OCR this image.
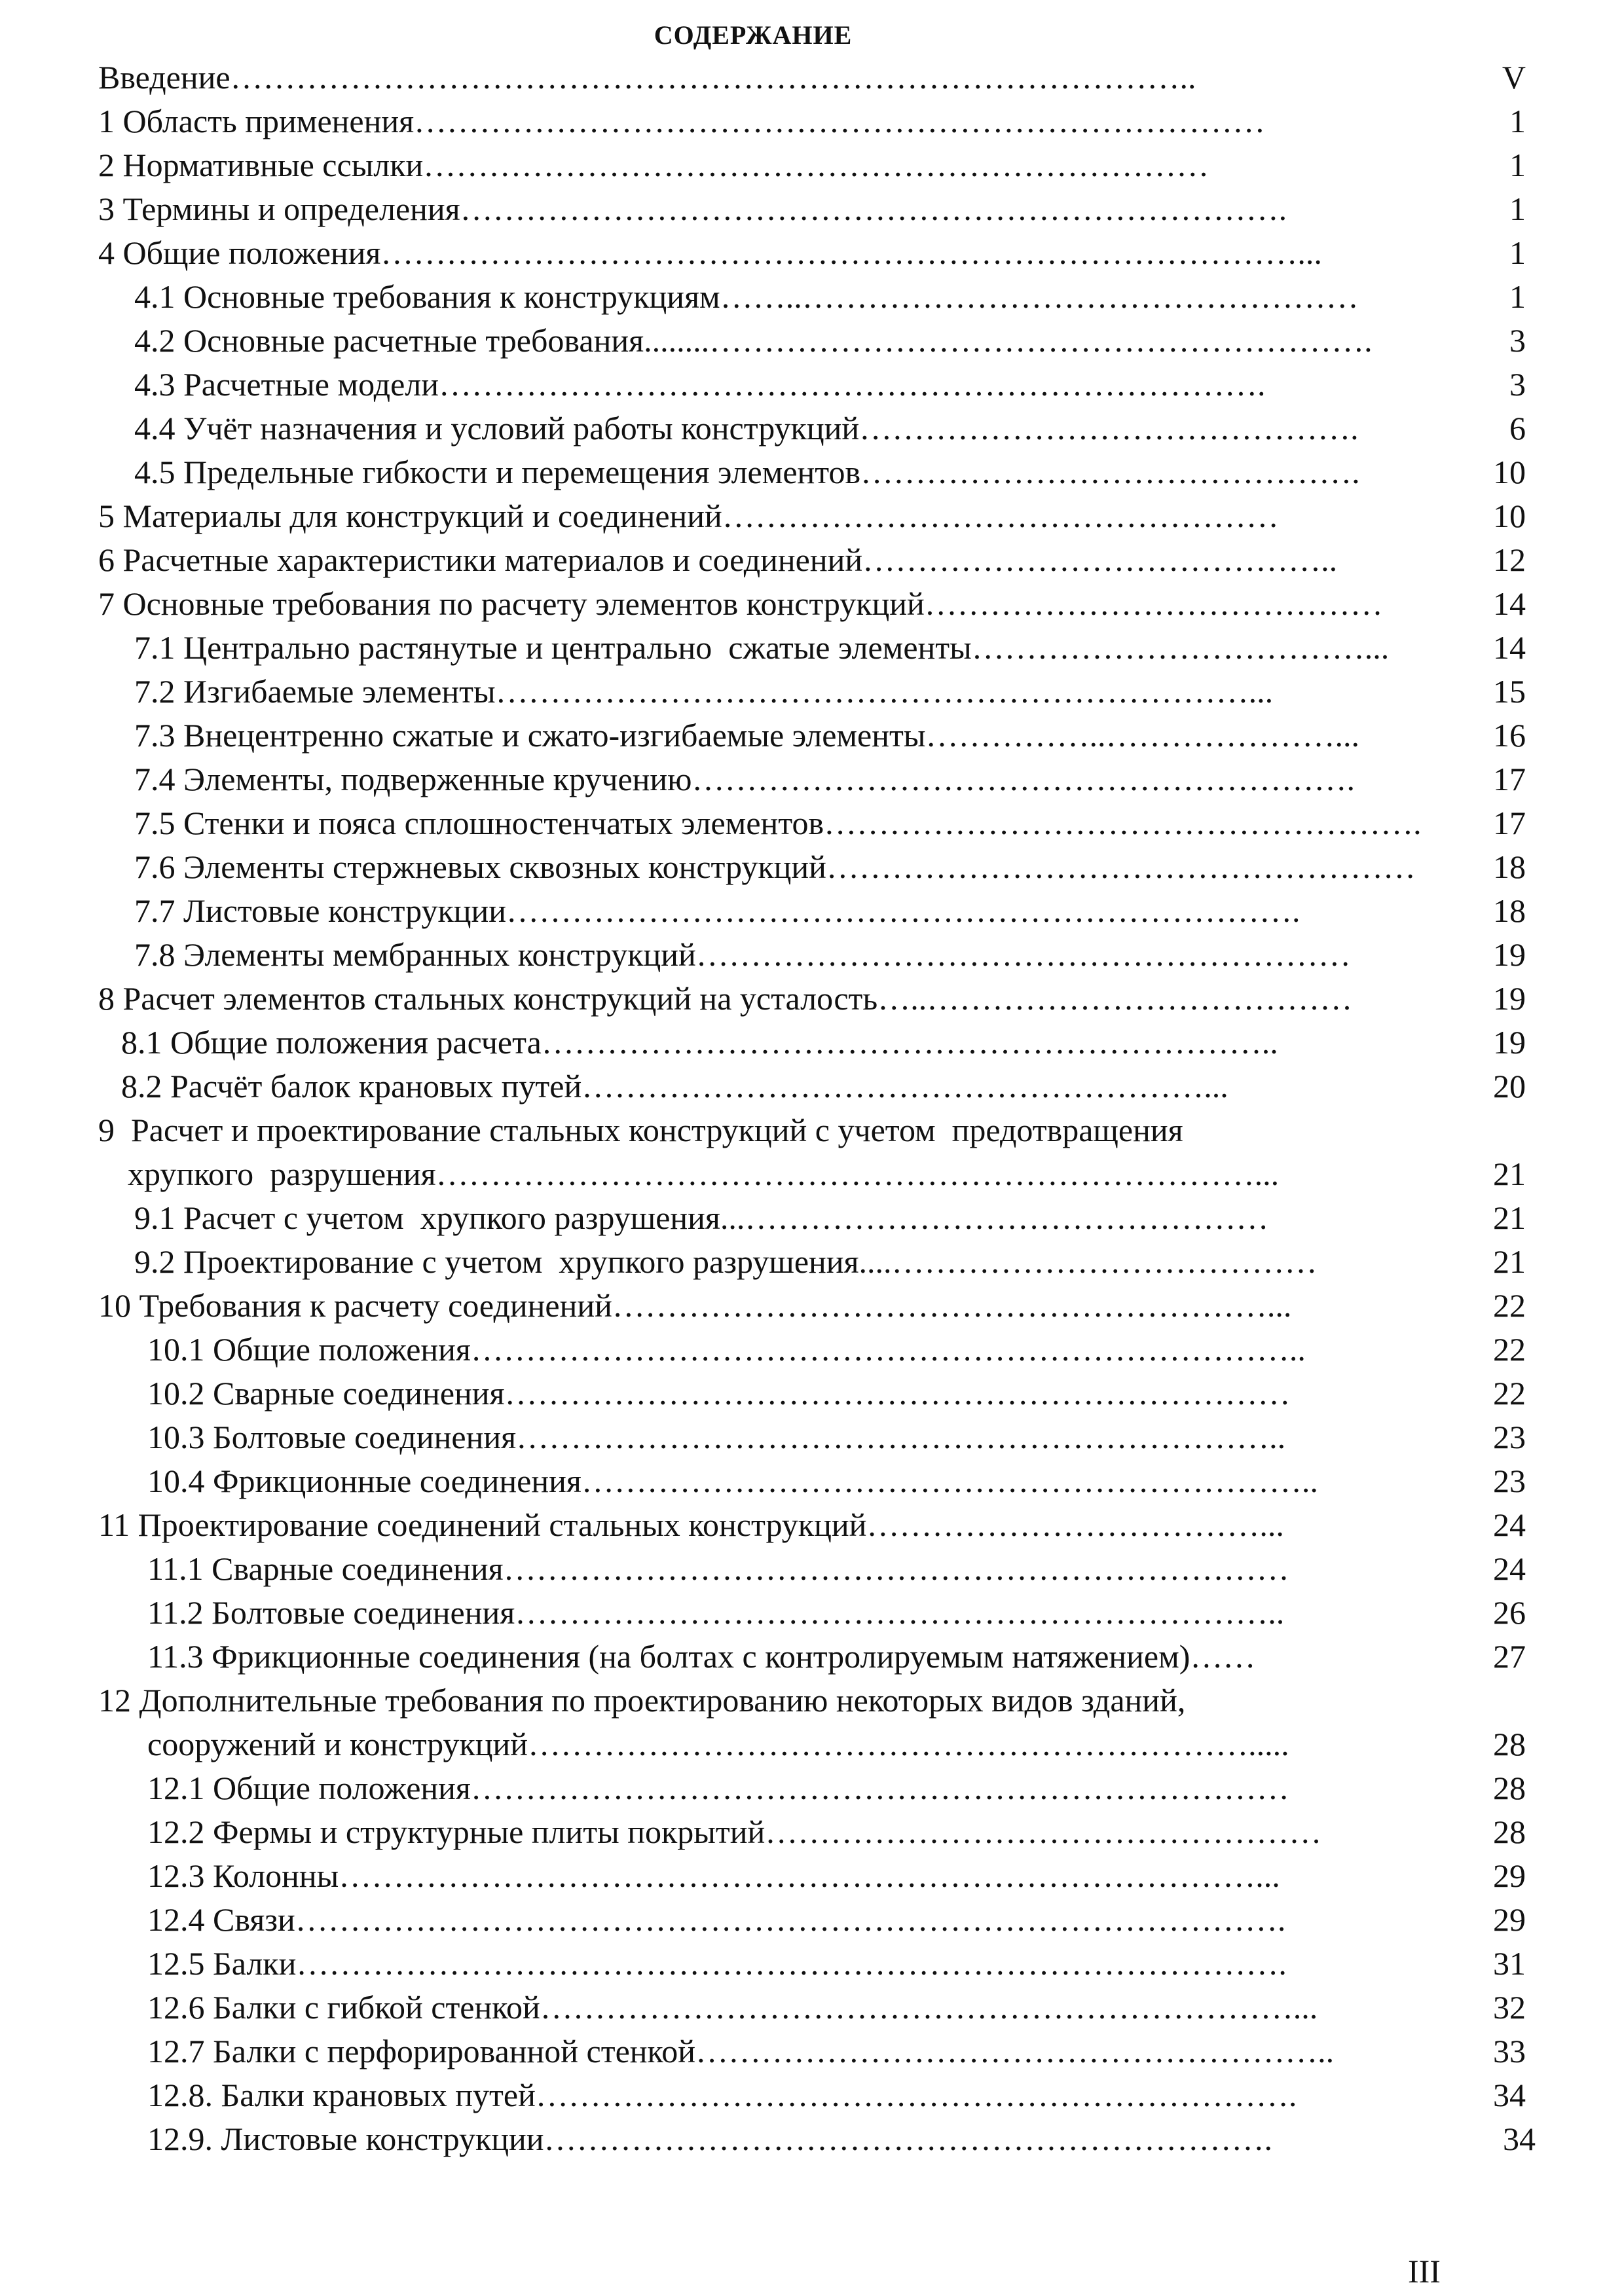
СОДЕРЖАНИЕ
Введение……………………………………………………………………………..	V
1 Область применения……………………………………………………………………	1
2 Нормативные ссылки………………………………………………………………	1
3 Термины и определения………………………………………………………………….	1
4 Общие положения…………………………………………………………………………...	1
4.1 Основные требования к конструкциям……..……………………………………………	1
4.2 Основные расчетные требования........…………………………………………………….	3
4.3 Расчетные модели………………………………………………………………….	3
4.4 Учёт назначения и условий работы конструкций……………………………………….	6
4.5 Предельные гибкости и перемещения элементов……………………………………….	10
5 Материалы для конструкций и соединений……………………………………………	10
6 Расчетные характеристики материалов и соединений……………………………………..	12
7 Основные требования по расчету элементов конструкций……………………………………	14
7.1 Центрально растянутые и центрально  сжатые элементы………………………………...	14
7.2 Изгибаемые элементы……………………………………………………………...	15
7.3 Внецентренно сжатые и сжато-изгибаемые элементы……………..…………………...	16
7.4 Элементы, подверженные кручению…………………………………………………….	17
7.5 Стенки и пояса сплошностенчатых элементов……………………………………………….	17
7.6 Элементы стержневых сквозных конструкций………………………………………………	18
7.7 Листовые конструкции……………………………………………………………….	18
7.8 Элементы мембранных конструкций……………………………………………………	19
8 Расчет элементов стальных конструкций на усталость…..…………………………………	19
8.1 Общие положения расчета…………………………………………………………..	19
8.2 Расчёт балок крановых путей…………………………………………………...	20
9  Расчет и проектирование стальных конструкций с учетом  предотвращения
хрупкого  разрушения…………………………………………………………………...	21
9.1 Расчет с учетом  хрупкого разрушения...…………………………………………	21
9.2 Проектирование с учетом  хрупкого разрушения....…………………………………	21
10 Требования к расчету соединений……………………………………………………...	22
10.1 Общие положения…………………………………………………………………..	22
10.2 Сварные соединения………………………………………………………………	22
10.3 Болтовые соединения……………………………………………………………..	23
10.4 Фрикционные соединения…………………………………………………………..	23
11 Проектирование соединений стальных конструкций………………………………...	24
11.1 Сварные соединения………………………………………………………………	24
11.2 Болтовые соединения……………………………………………………………..	26
11.3 Фрикционные соединения (на болтах с контролируемым натяжением)……	27
12 Дополнительные требования по проектированию некоторых видов зданий,
сооружений и конструкций………………………………………………………….....	28
12.1 Общие положения…………………………………………………………………	28
12.2 Фермы и структурные плиты покрытий……………………………………………	28
12.3 Колонны…………………………………………………………………………...	29
12.4 Связи……………………………………………………………………………….	29
12.5 Балки……………………………………………………………………………….	31
12.6 Балки с гибкой стенкой……………………………………………………………...	32
12.7 Балки с перфорированной стенкой…………………………………………………..	33
12.8. Балки крановых путей…………………………………………………………….	34
12.9. Листовые конструкции………………………………………………………….	34
III
